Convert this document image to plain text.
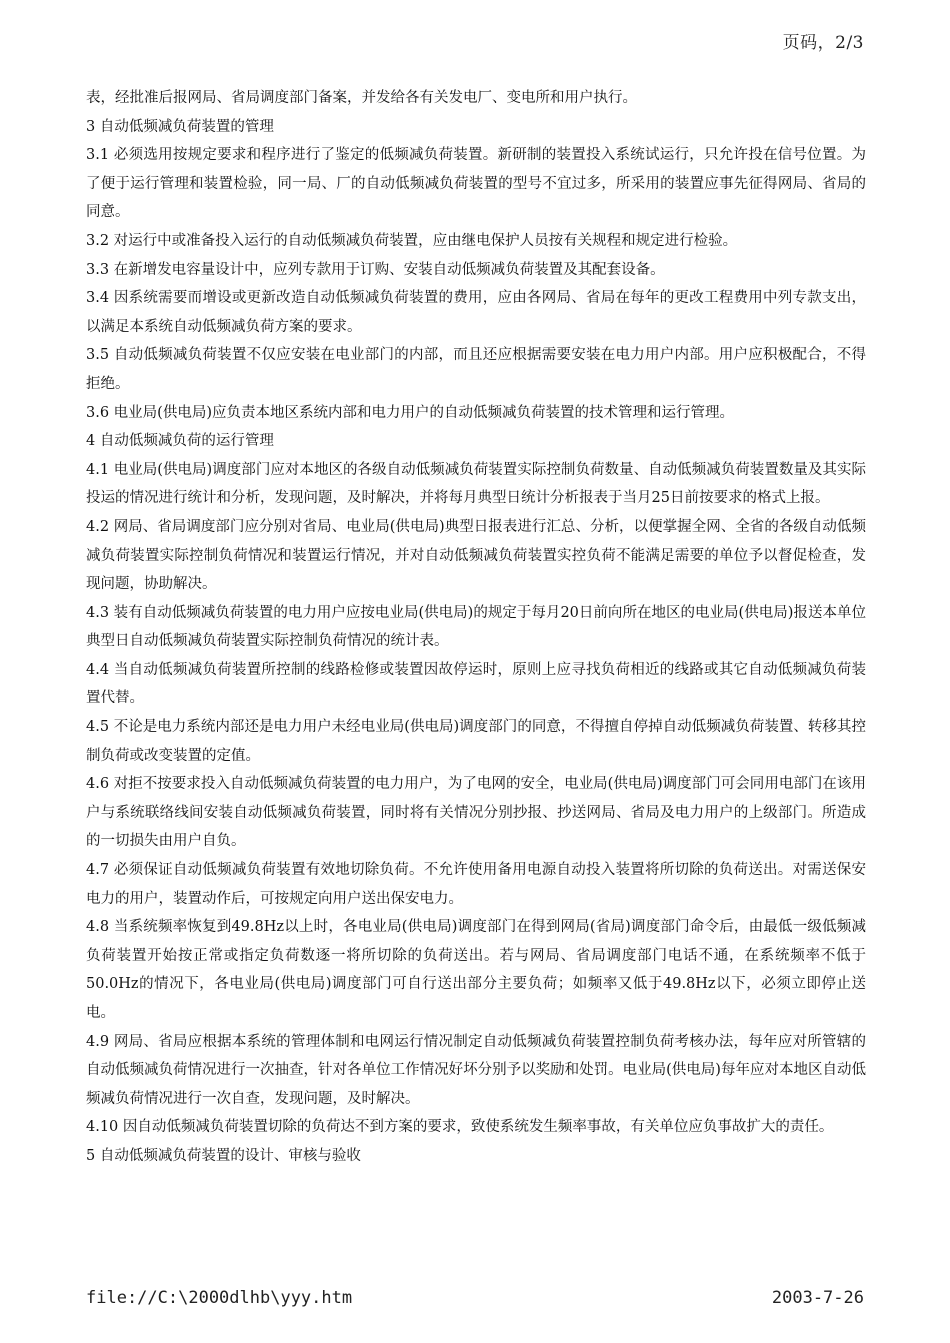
页码，2/3

表，经批准后报网局、省局调度部门备案，并发给各有关发电厂、变电所和用户执行。

3 自动低频减负荷装置的管理

3.1 必须选用按规定要求和程序进行了鉴定的低频减负荷装置。新研制的装置投入系统试运行，只允许投在信号位置。为了便于运行管理和装置检验，同一局、厂的自动低频减负荷装置的型号不宜过多，所采用的装置应事先征得网局、省局的同意。

3.2 对运行中或准备投入运行的自动低频减负荷装置，应由继电保护人员按有关规程和规定进行检验。

3.3 在新增发电容量设计中，应列专款用于订购、安装自动低频减负荷装置及其配套设备。

3.4 因系统需要而增设或更新改造自动低频减负荷装置的费用，应由各网局、省局在每年的更改工程费用中列专款支出，以满足本系统自动低频减负荷方案的要求。

3.5 自动低频减负荷装置不仅应安装在电业部门的内部，而且还应根据需要安装在电力用户内部。用户应积极配合，不得拒绝。

3.6 电业局(供电局)应负责本地区系统内部和电力用户的自动低频减负荷装置的技术管理和运行管理。

4 自动低频减负荷的运行管理

4.1 电业局(供电局)调度部门应对本地区的各级自动低频减负荷装置实际控制负荷数量、自动低频减负荷装置数量及其实际投运的情况进行统计和分析，发现问题，及时解决，并将每月典型日统计分析报表于当月25日前按要求的格式上报。

4.2 网局、省局调度部门应分别对省局、电业局(供电局)典型日报表进行汇总、分析，以便掌握全网、全省的各级自动低频减负荷装置实际控制负荷情况和装置运行情况，并对自动低频减负荷装置实控负荷不能满足需要的单位予以督促检查，发现问题，协助解决。

4.3 装有自动低频减负荷装置的电力用户应按电业局(供电局)的规定于每月20日前向所在地区的电业局(供电局)报送本单位典型日自动低频减负荷装置实际控制负荷情况的统计表。

4.4 当自动低频减负荷装置所控制的线路检修或装置因故停运时，原则上应寻找负荷相近的线路或其它自动低频减负荷装置代替。

4.5 不论是电力系统内部还是电力用户未经电业局(供电局)调度部门的同意，不得擅自停掉自动低频减负荷装置、转移其控制负荷或改变装置的定值。

4.6 对拒不按要求投入自动低频减负荷装置的电力用户，为了电网的安全，电业局(供电局)调度部门可会同用电部门在该用户与系统联络线间安装自动低频减负荷装置，同时将有关情况分别抄报、抄送网局、省局及电力用户的上级部门。所造成的一切损失由用户自负。

4.7 必须保证自动低频减负荷装置有效地切除负荷。不允许使用备用电源自动投入装置将所切除的负荷送出。对需送保安电力的用户，装置动作后，可按规定向用户送出保安电力。

4.8 当系统频率恢复到49.8Hz以上时，各电业局(供电局)调度部门在得到网局(省局)调度部门命令后，由最低一级低频减负荷装置开始按正常或指定负荷数逐一将所切除的负荷送出。若与网局、省局调度部门电话不通，在系统频率不低于50.0Hz的情况下，各电业局(供电局)调度部门可自行送出部分主要负荷；如频率又低于49.8Hz以下，必须立即停止送电。

4.9 网局、省局应根据本系统的管理体制和电网运行情况制定自动低频减负荷装置控制负荷考核办法，每年应对所管辖的自动低频减负荷情况进行一次抽查，针对各单位工作情况好坏分别予以奖励和处罚。电业局(供电局)每年应对本地区自动低频减负荷情况进行一次自查，发现问题，及时解决。

4.10 因自动低频减负荷装置切除的负荷达不到方案的要求，致使系统发生频率事故，有关单位应负事故扩大的责任。

5 自动低频减负荷装置的设计、审核与验收

file://C:\2000dlhb\yyy.htm	2003-7-26
